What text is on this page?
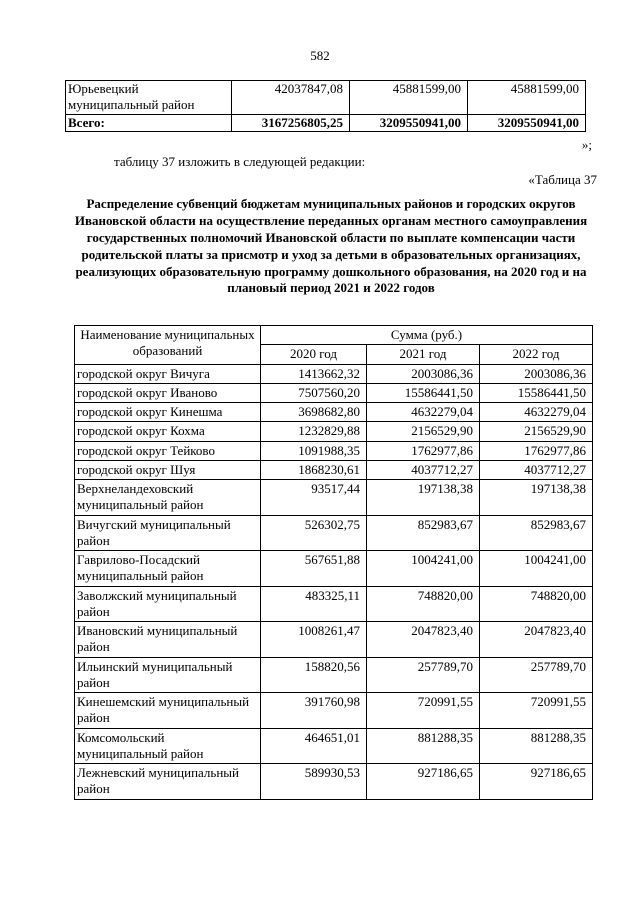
582
Юрьевецкий муниципальный район	42037847,08	45881599,00	45881599,00
Всего:	3167256805,25	3209550941,00	3209550941,00
»;
таблицу 37 изложить в следующей редакции:
«Таблица 37
Распределение субвенций бюджетам муниципальных районов и городских округов Ивановской области на осуществление переданных органам местного самоуправления государственных полномочий Ивановской области по выплате компенсации части родительской платы за присмотр и уход за детьми в образовательных организациях, реализующих образовательную программу дошкольного образования, на 2020 год и на плановый период 2021 и 2022 годов
Наименование муниципальных образований	Сумма (руб.)		
	2020 год	2021 год	2022 год
городской округ Вичуга	1413662,32	2003086,36	2003086,36
городской округ Иваново	7507560,20	15586441,50	15586441,50
городской округ Кинешма	3698682,80	4632279,04	4632279,04
городской округ Кохма	1232829,88	2156529,90	2156529,90
городской округ Тейково	1091988,35	1762977,86	1762977,86
городской округ Шуя	1868230,61	4037712,27	4037712,27
Верхнеландеховский муниципальный район	93517,44	197138,38	197138,38
Вичугский муниципальный район	526302,75	852983,67	852983,67
Гаврилово-Посадский муниципальный район	567651,88	1004241,00	1004241,00
Заволжский муниципальный район	483325,11	748820,00	748820,00
Ивановский муниципальный район	1008261,47	2047823,40	2047823,40
Ильинский муниципальный район	158820,56	257789,70	257789,70
Кинешемский муниципальный район	391760,98	720991,55	720991,55
Комсомольский муниципальный район	464651,01	881288,35	881288,35
Лежневский муниципальный район	589930,53	927186,65	927186,65
